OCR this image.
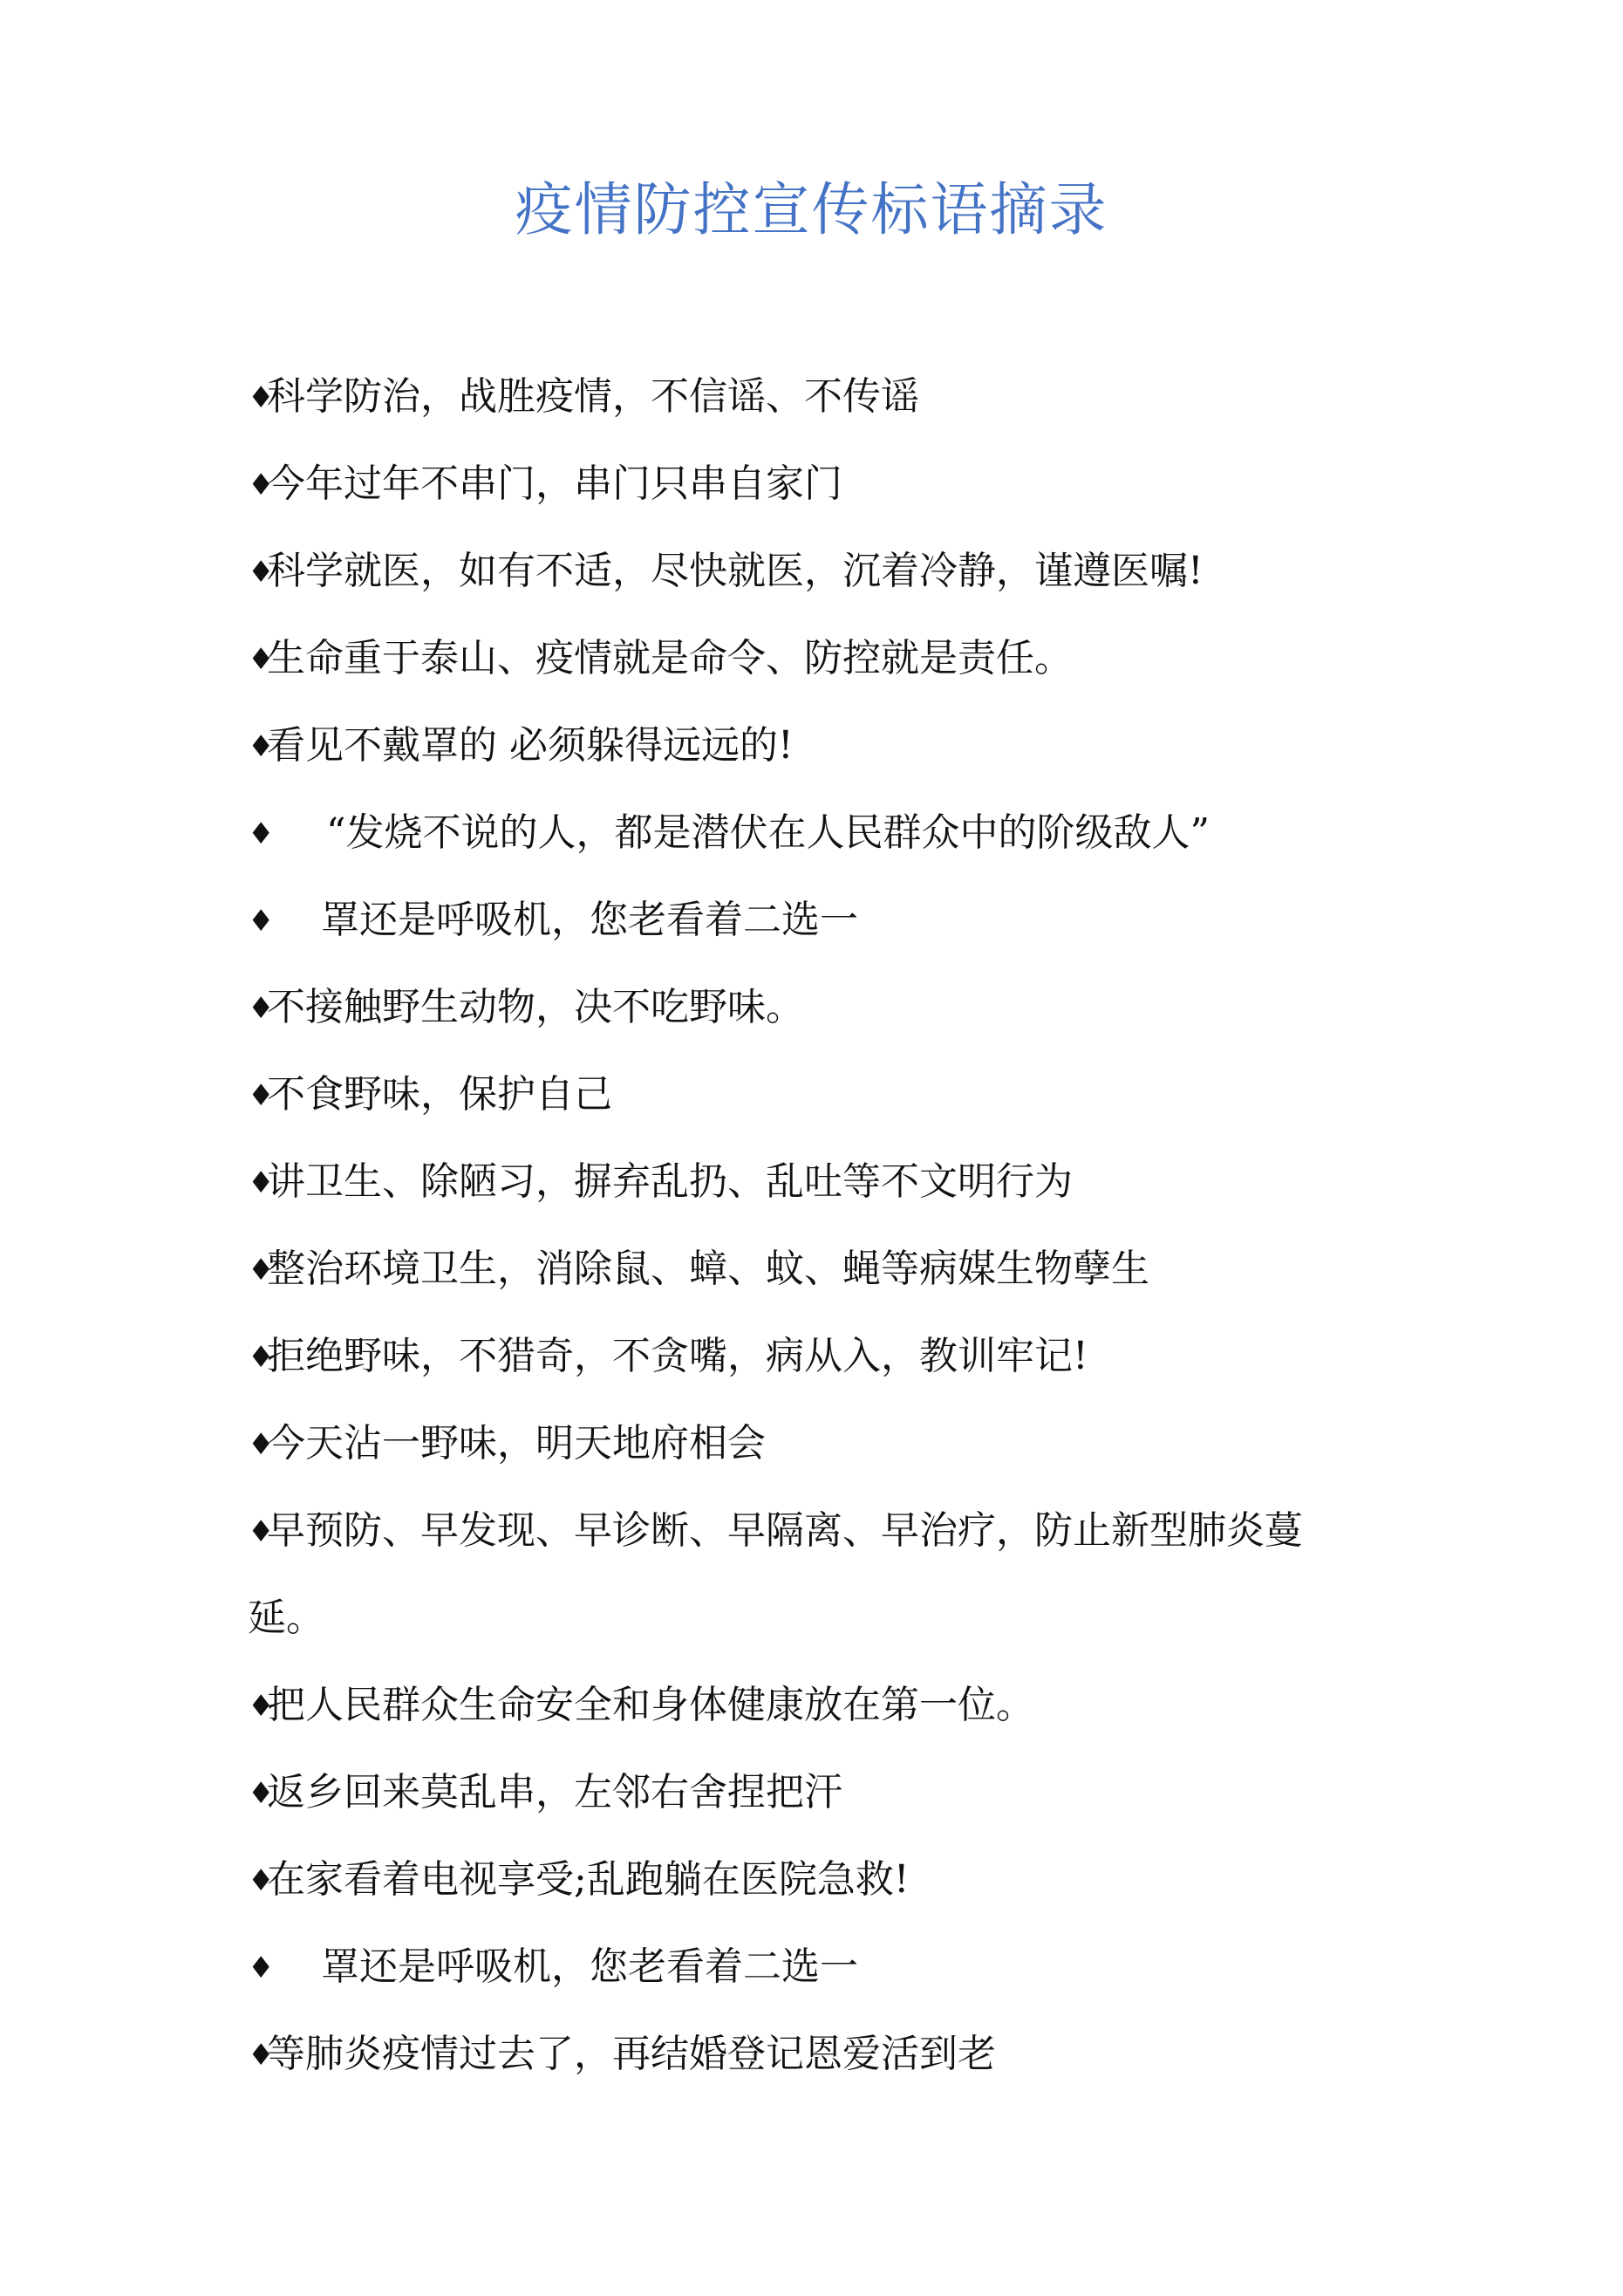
疫情防控宣传标语摘录
♦科学防治，战胜疫情，不信谣、不传谣
♦今年过年不串门，串门只串自家门
♦科学就医，如有不适，尽快就医，沉着冷静，谨遵医嘱!
♦生命重于泰山、疫情就是命令、防控就是责任。
♦看见不戴罩的 必须躲得远远的!
♦ “发烧不说的人，都是潜伏在人民群众中的阶级敌人”
♦ 罩还是呼吸机，您老看着二选一
♦不接触野生动物，决不吃野味。
♦不食野味，保护自己
♦讲卫生、除陋习，摒弃乱扔、乱吐等不文明行为
♦整治环境卫生，消除鼠、蟑、蚊、蝇等病媒生物孽生
♦拒绝野味，不猎奇，不贪嘴，病从入，教训牢记!
♦今天沾一野味，明天地府相会
♦早预防、早发现、早诊断、早隔离、早治疗，防止新型肺炎蔓
延。
♦把人民群众生命安全和身体健康放在第一位。
♦返乡回来莫乱串，左邻右舍捏把汗
♦在家看着电视享受;乱跑躺在医院急救!
♦ 罩还是呼吸机，您老看着二选一
♦等肺炎疫情过去了，再结婚登记恩爱活到老
